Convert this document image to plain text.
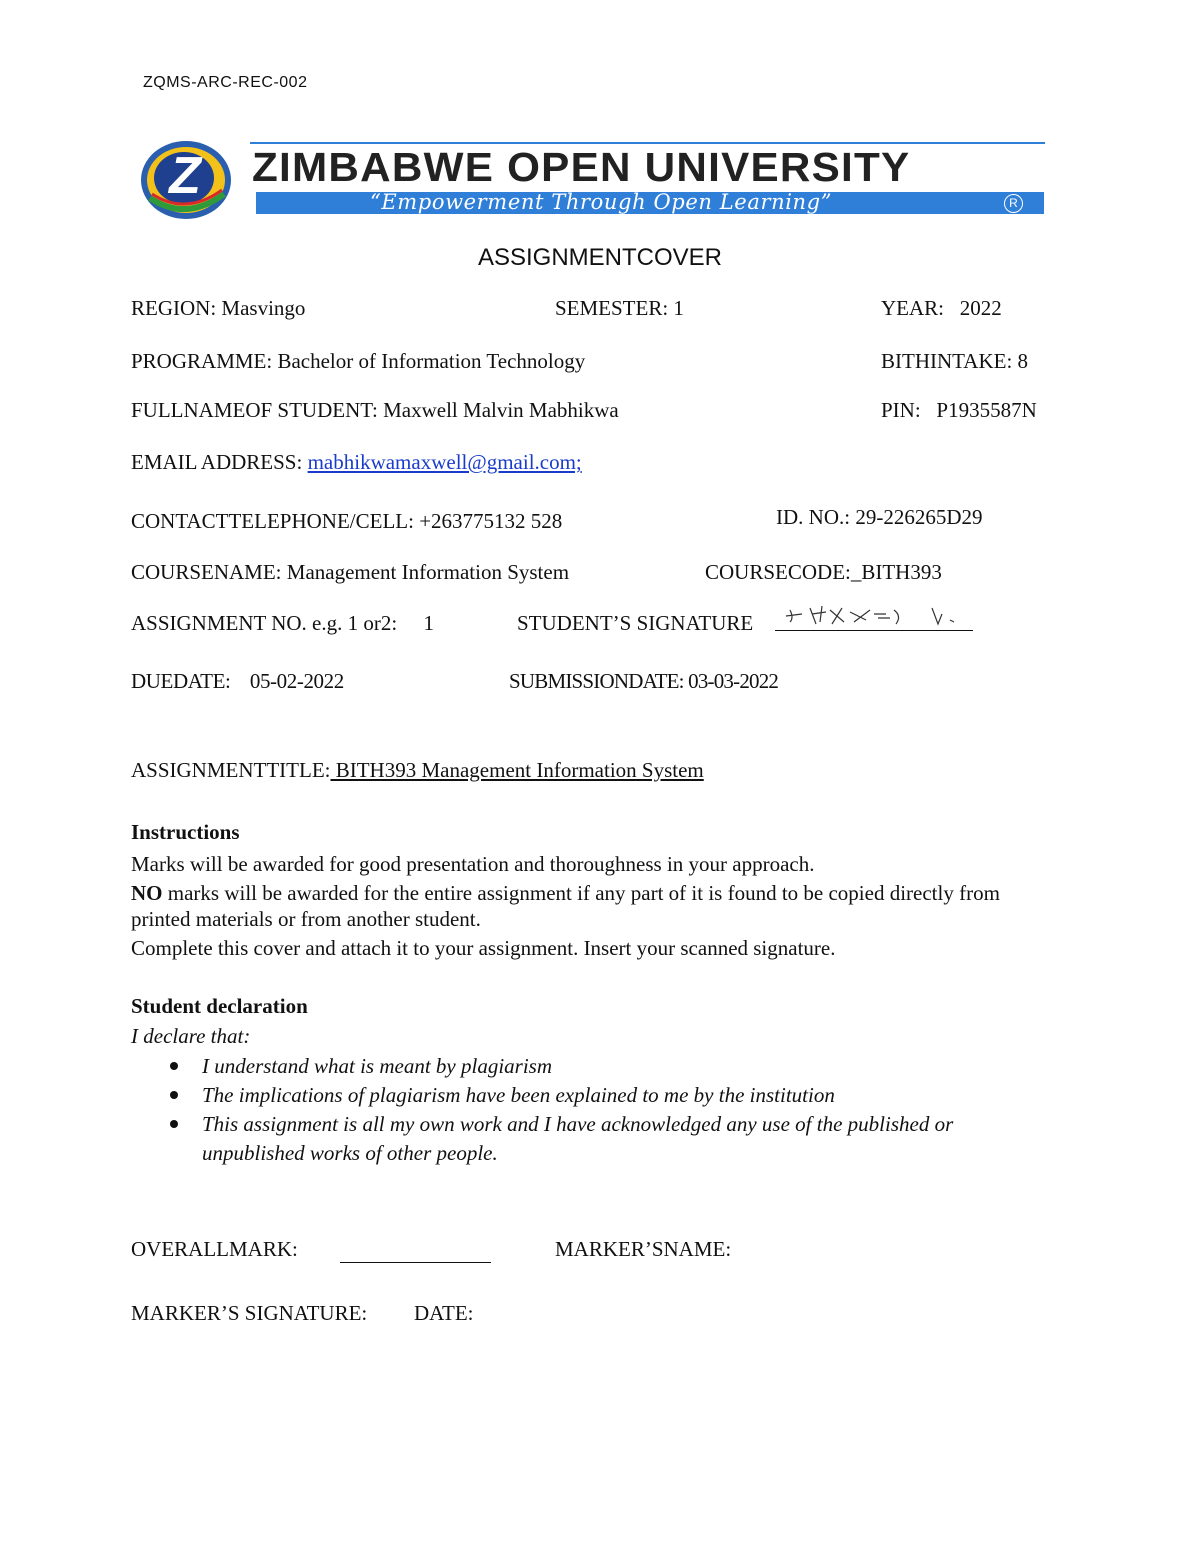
ZQMS-ARC-REC-002
Z ZIMBABWE OPEN UNIVERSITY
“Empowerment Through Open Learning”	R
ASSIGNMENTCOVER
REGION: Masvingo	SEMESTER: 1	YEAR:   2022
PROGRAMME: Bachelor of Information Technology	BITHINTAKE: 8
FULLNAMEOF STUDENT: Maxwell Malvin Mabhikwa	PIN:   P1935587N
EMAIL ADDRESS: mabhikwamaxwell@gmail.com;
CONTACTTELEPHONE/CELL: +263775132 528	ID. NO.: 29-226265D29
COURSENAME: Management Information System	COURSECODE:_BITH393
ASSIGNMENT NO. e.g. 1 or2:     1	STUDENT’S SIGNATURE
DUEDATE:    05-02-2022	SUBMISSIONDATE: 03-03-2022
ASSIGNMENTTITLE: BITH393 Management Information System
Instructions
Marks will be awarded for good presentation and thoroughness in your approach.
NO marks will be awarded for the entire assignment if any part of it is found to be copied directly from printed materials or from another student.
Complete this cover and attach it to your assignment. Insert your scanned signature.
Student declaration
I declare that:
I understand what is meant by plagiarism
The implications of plagiarism have been explained to me by the institution
This assignment is all my own work and I have acknowledged any use of the published or unpublished works of other people.
OVERALLMARK:	MARKER’SNAME:
MARKER’S SIGNATURE: DATE:
